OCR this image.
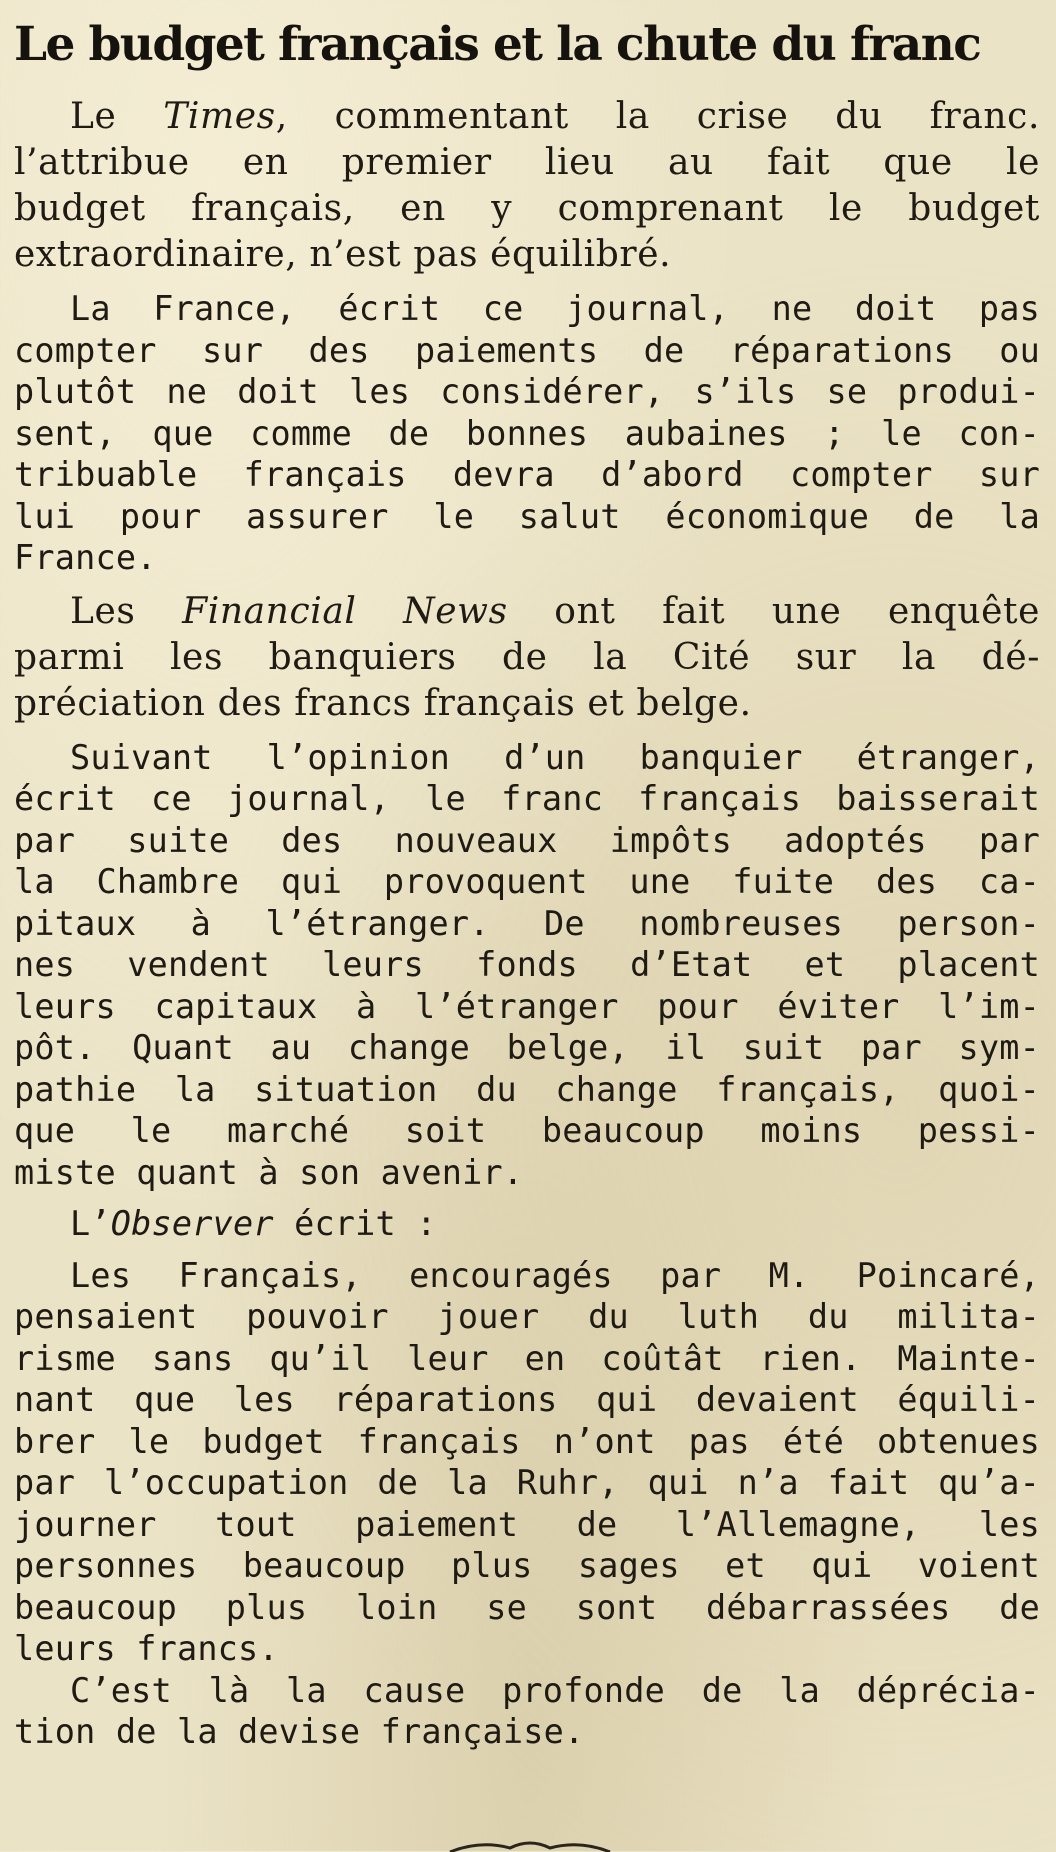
Le budget français et la chute du franc
Le Times, commentant la crise du franc.
l’attribue en premier lieu au fait que le
budget français, en y comprenant le budget
extraordinaire, n’est pas équilibré.
La France, écrit ce journal, ne doit pas
compter sur des paiements de réparations ou
plutôt ne doit les considérer, s’ils se produi-
sent, que comme de bonnes aubaines ; le con-
tribuable français devra d’abord compter sur
lui pour assurer le salut économique de la
France.
Les Financial News ont fait une enquête
parmi les banquiers de la Cité sur la dé-
préciation des francs français et belge.
Suivant l’opinion d’un banquier étranger,
écrit ce journal, le franc français baisserait
par suite des nouveaux impôts adoptés par
la Chambre qui provoquent une fuite des ca-
pitaux à l’étranger. De nombreuses person-
nes vendent leurs fonds d’Etat et placent
leurs capitaux à l’étranger pour éviter l’im-
pôt. Quant au change belge, il suit par sym-
pathie la situation du change français, quoi-
que le marché soit beaucoup moins pessi-
miste quant à son avenir.
L’Observer écrit :
Les Français, encouragés par M. Poincaré,
pensaient pouvoir jouer du luth du milita-
risme sans qu’il leur en coûtât rien. Mainte-
nant que les réparations qui devaient équili-
brer le budget français n’ont pas été obtenues
par l’occupation de la Ruhr, qui n’a fait qu’a-
journer tout paiement de l’Allemagne, les
personnes beaucoup plus sages et qui voient
beaucoup plus loin se sont débarrassées de
leurs francs.
C’est là la cause profonde de la déprécia-
tion de la devise française.
